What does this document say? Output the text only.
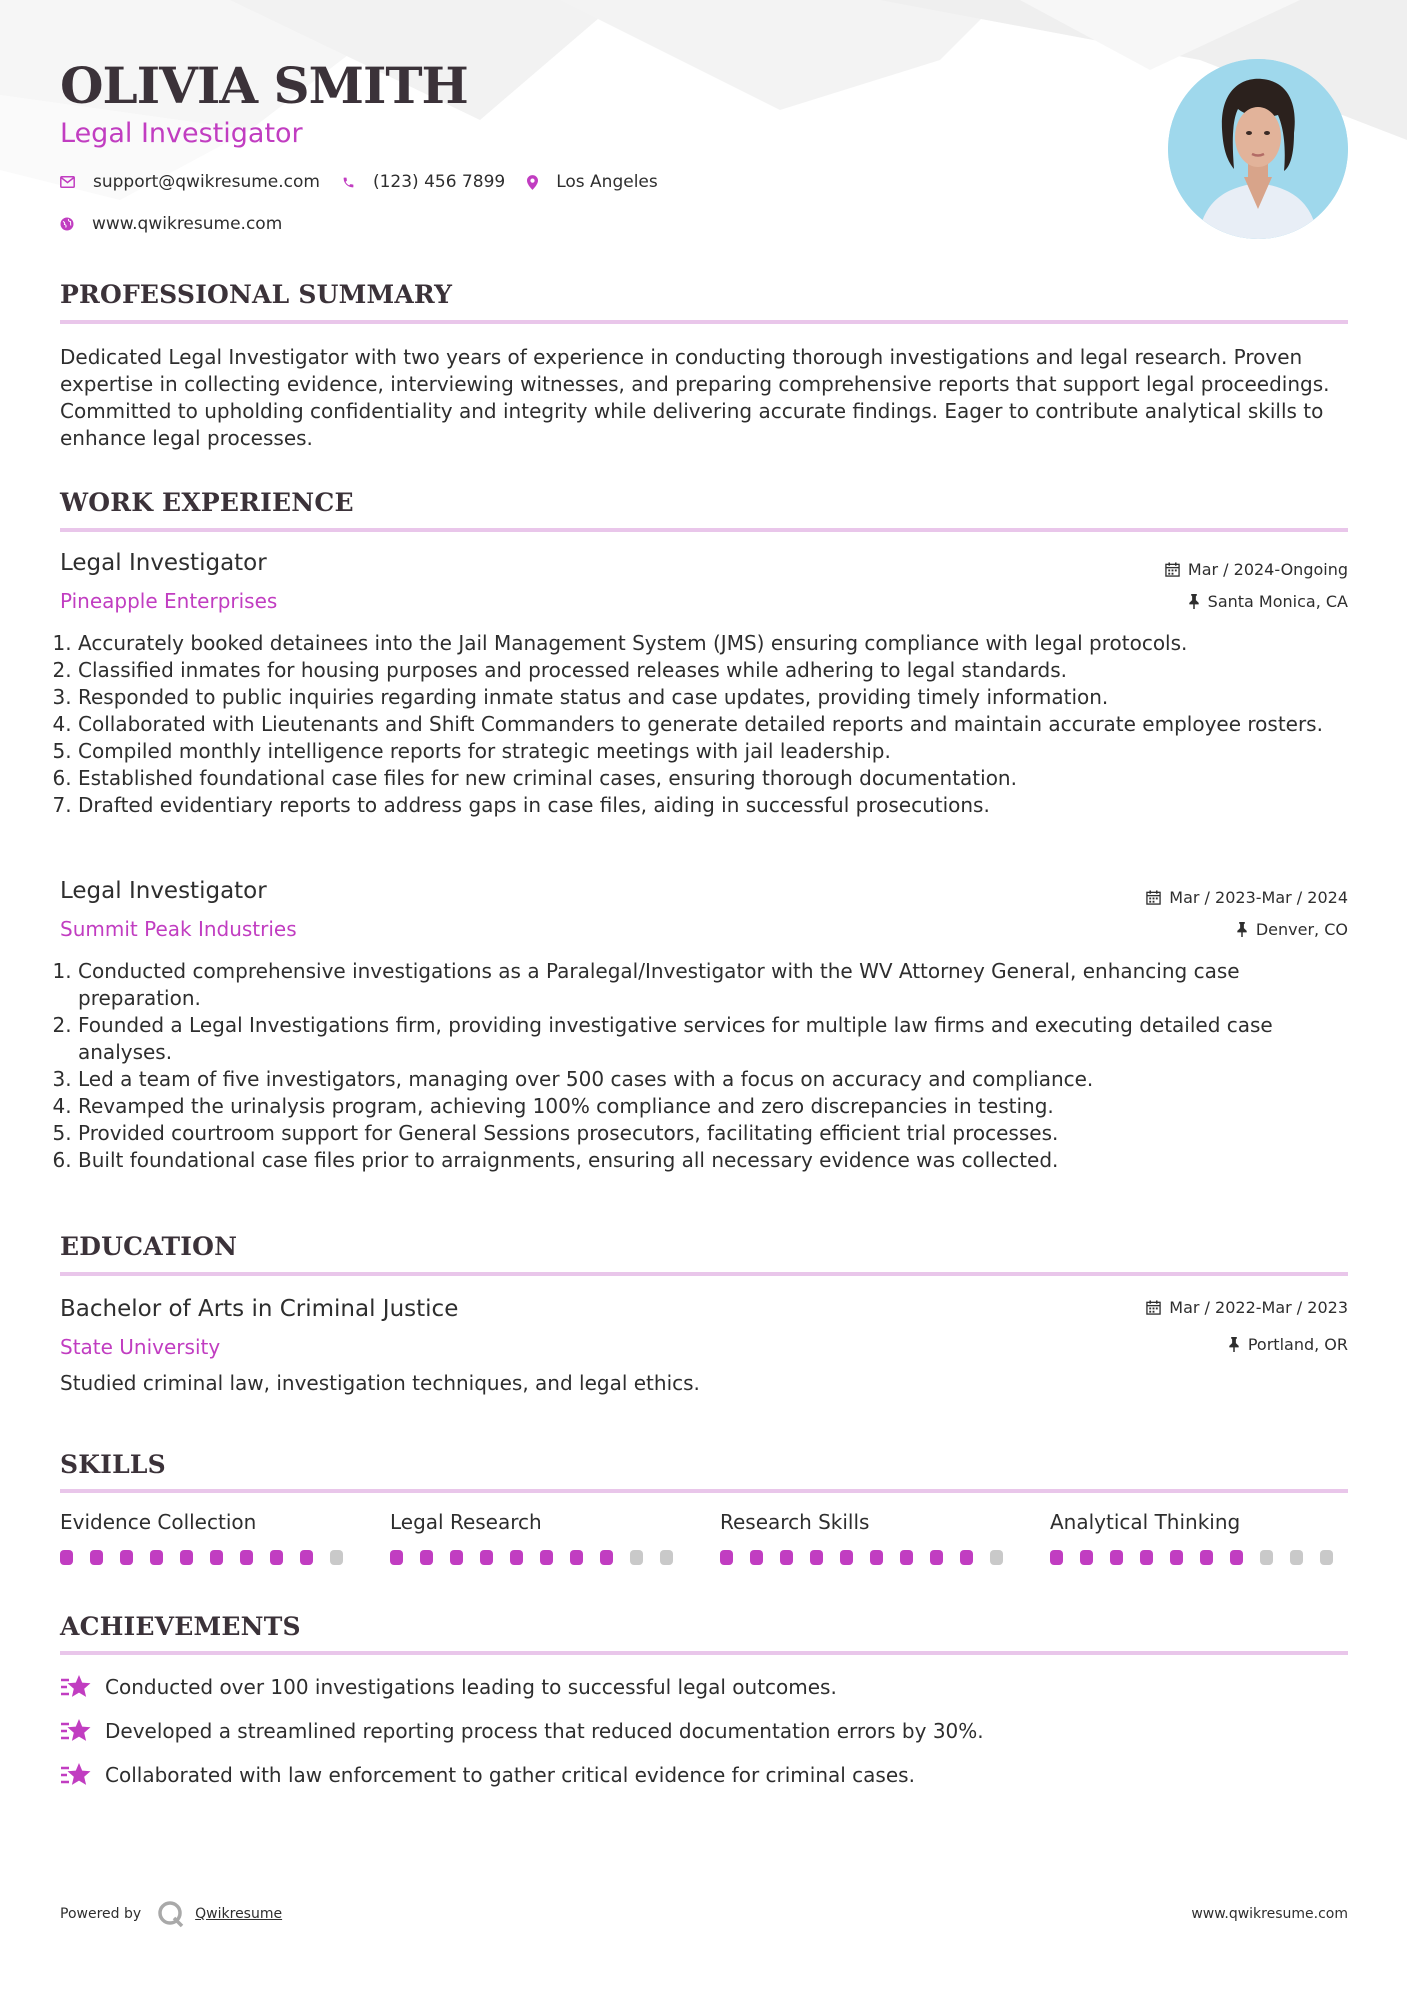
OLIVIA SMITH
Legal Investigator
support@qwikresume.com	(123) 456 7899	Los Angeles
www.qwikresume.com
PROFESSIONAL SUMMARY
Dedicated Legal Investigator with two years of experience in conducting thorough investigations and legal research. Proven expertise in collecting evidence, interviewing witnesses, and preparing comprehensive reports that support legal proceedings. Committed to upholding confidentiality and integrity while delivering accurate findings. Eager to contribute analytical skills to enhance legal processes.
WORK EXPERIENCE
Legal Investigator	Mar / 2024-Ongoing
Pineapple Enterprises	Santa Monica, CA
1. Accurately booked detainees into the Jail Management System (JMS) ensuring compliance with legal protocols.
2. Classified inmates for housing purposes and processed releases while adhering to legal standards.
3. Responded to public inquiries regarding inmate status and case updates, providing timely information.
4. Collaborated with Lieutenants and Shift Commanders to generate detailed reports and maintain accurate employee rosters.
5. Compiled monthly intelligence reports for strategic meetings with jail leadership.
6. Established foundational case files for new criminal cases, ensuring thorough documentation.
7. Drafted evidentiary reports to address gaps in case files, aiding in successful prosecutions.
Legal Investigator	Mar / 2023-Mar / 2024
Summit Peak Industries	Denver, CO
1. Conducted comprehensive investigations as a Paralegal/Investigator with the WV Attorney General, enhancing case preparation.
2. Founded a Legal Investigations firm, providing investigative services for multiple law firms and executing detailed case analyses.
3. Led a team of five investigators, managing over 500 cases with a focus on accuracy and compliance.
4. Revamped the urinalysis program, achieving 100% compliance and zero discrepancies in testing.
5. Provided courtroom support for General Sessions prosecutors, facilitating efficient trial processes.
6. Built foundational case files prior to arraignments, ensuring all necessary evidence was collected.
EDUCATION
Bachelor of Arts in Criminal Justice	Mar / 2022-Mar / 2023
State University	Portland, OR
Studied criminal law, investigation techniques, and legal ethics.
SKILLS
Evidence Collection	Legal Research	Research Skills	Analytical Thinking
ACHIEVEMENTS
Conducted over 100 investigations leading to successful legal outcomes.
Developed a streamlined reporting process that reduced documentation errors by 30%.
Collaborated with law enforcement to gather critical evidence for criminal cases.
Powered by	Qwikresume	www.qwikresume.com
